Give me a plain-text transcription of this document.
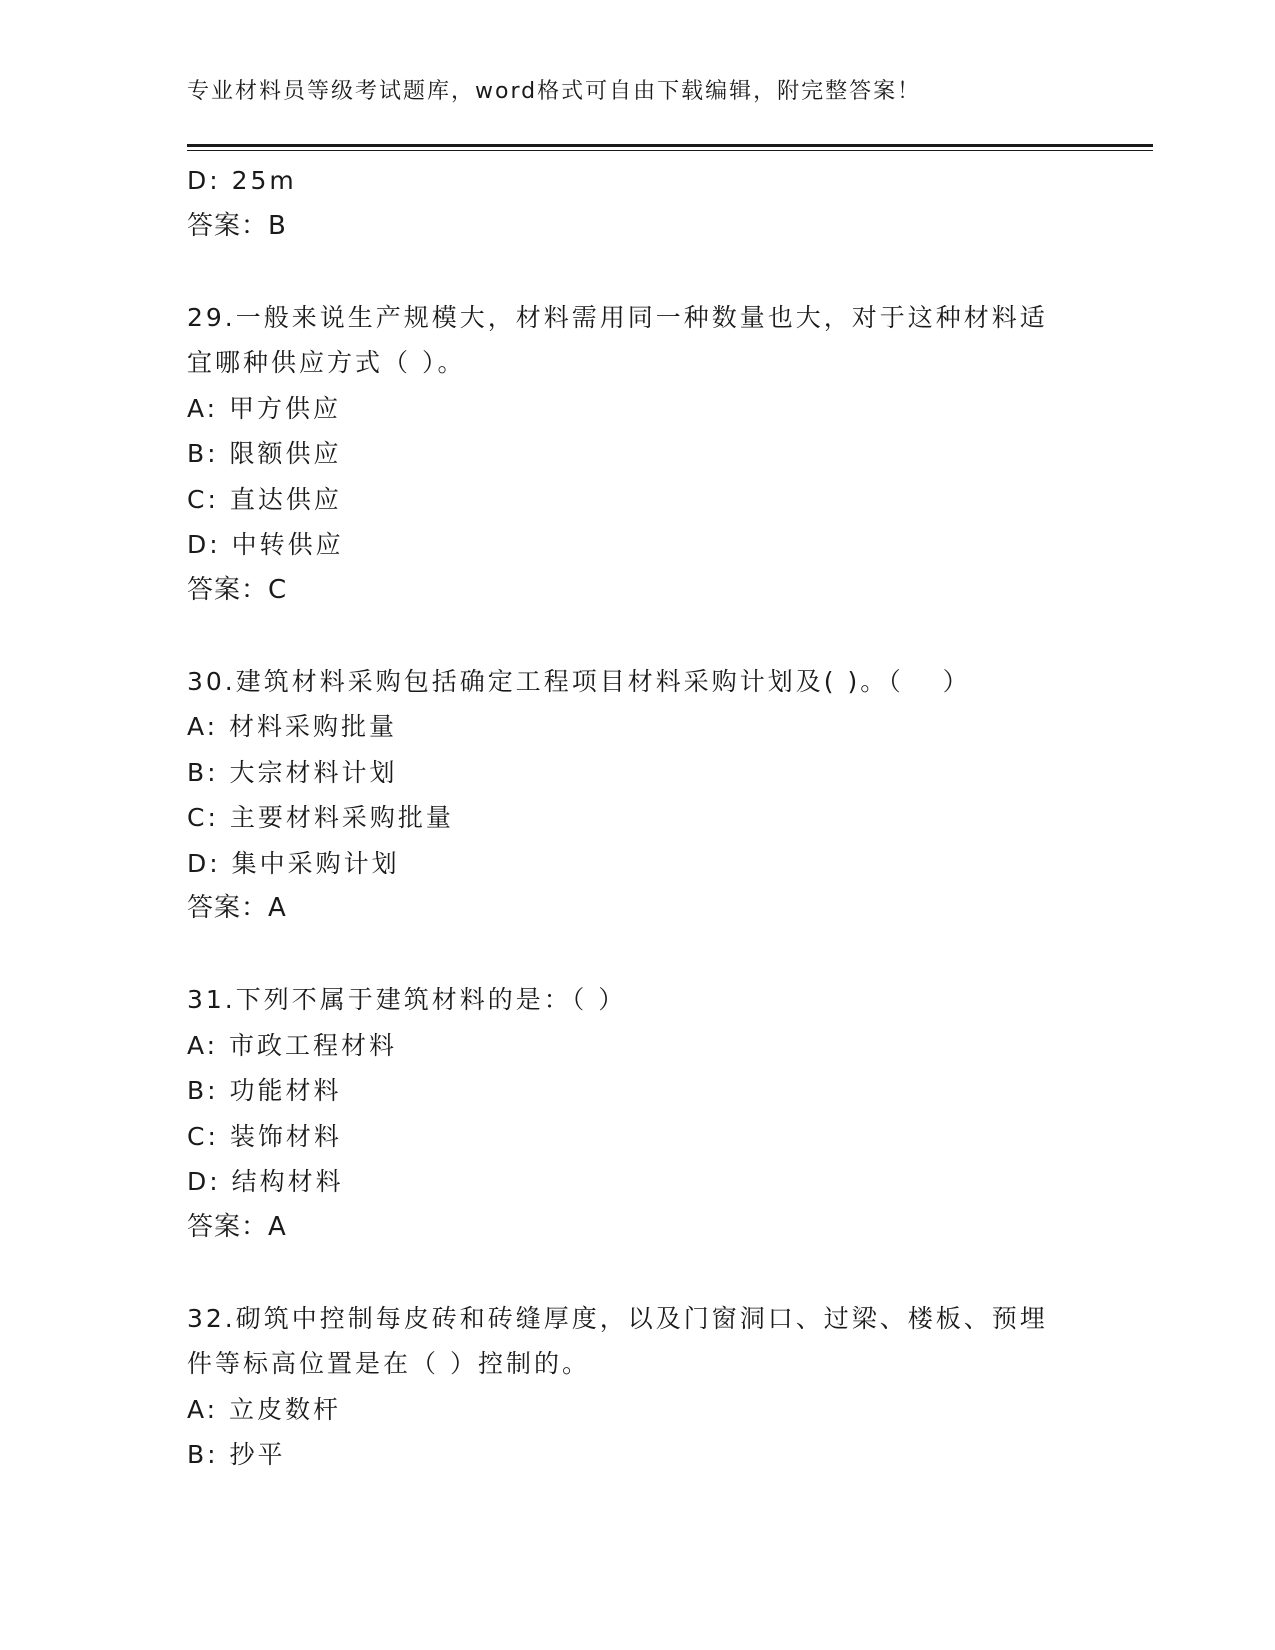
专业材料员等级考试题库，word格式可自由下载编辑，附完整答案！
D: 25m
答案：B
29.一般来说生产规模大，材料需用同一种数量也大，对于这种材料适
宜哪种供应方式（ ）。
A: 甲方供应
B: 限额供应
C: 直达供应
D: 中转供应
答案：C
30.建筑材料采购包括确定工程项目材料采购计划及( )。（　 ）
A: 材料采购批量
B: 大宗材料计划
C: 主要材料采购批量
D: 集中采购计划
答案：A
31.下列不属于建筑材料的是：（ ）
A: 市政工程材料
B: 功能材料
C: 装饰材料
D: 结构材料
答案：A
32.砌筑中控制每皮砖和砖缝厚度，以及门窗洞口、过梁、楼板、预埋
件等标高位置是在（ ）控制的。
A: 立皮数杆
B: 抄平
